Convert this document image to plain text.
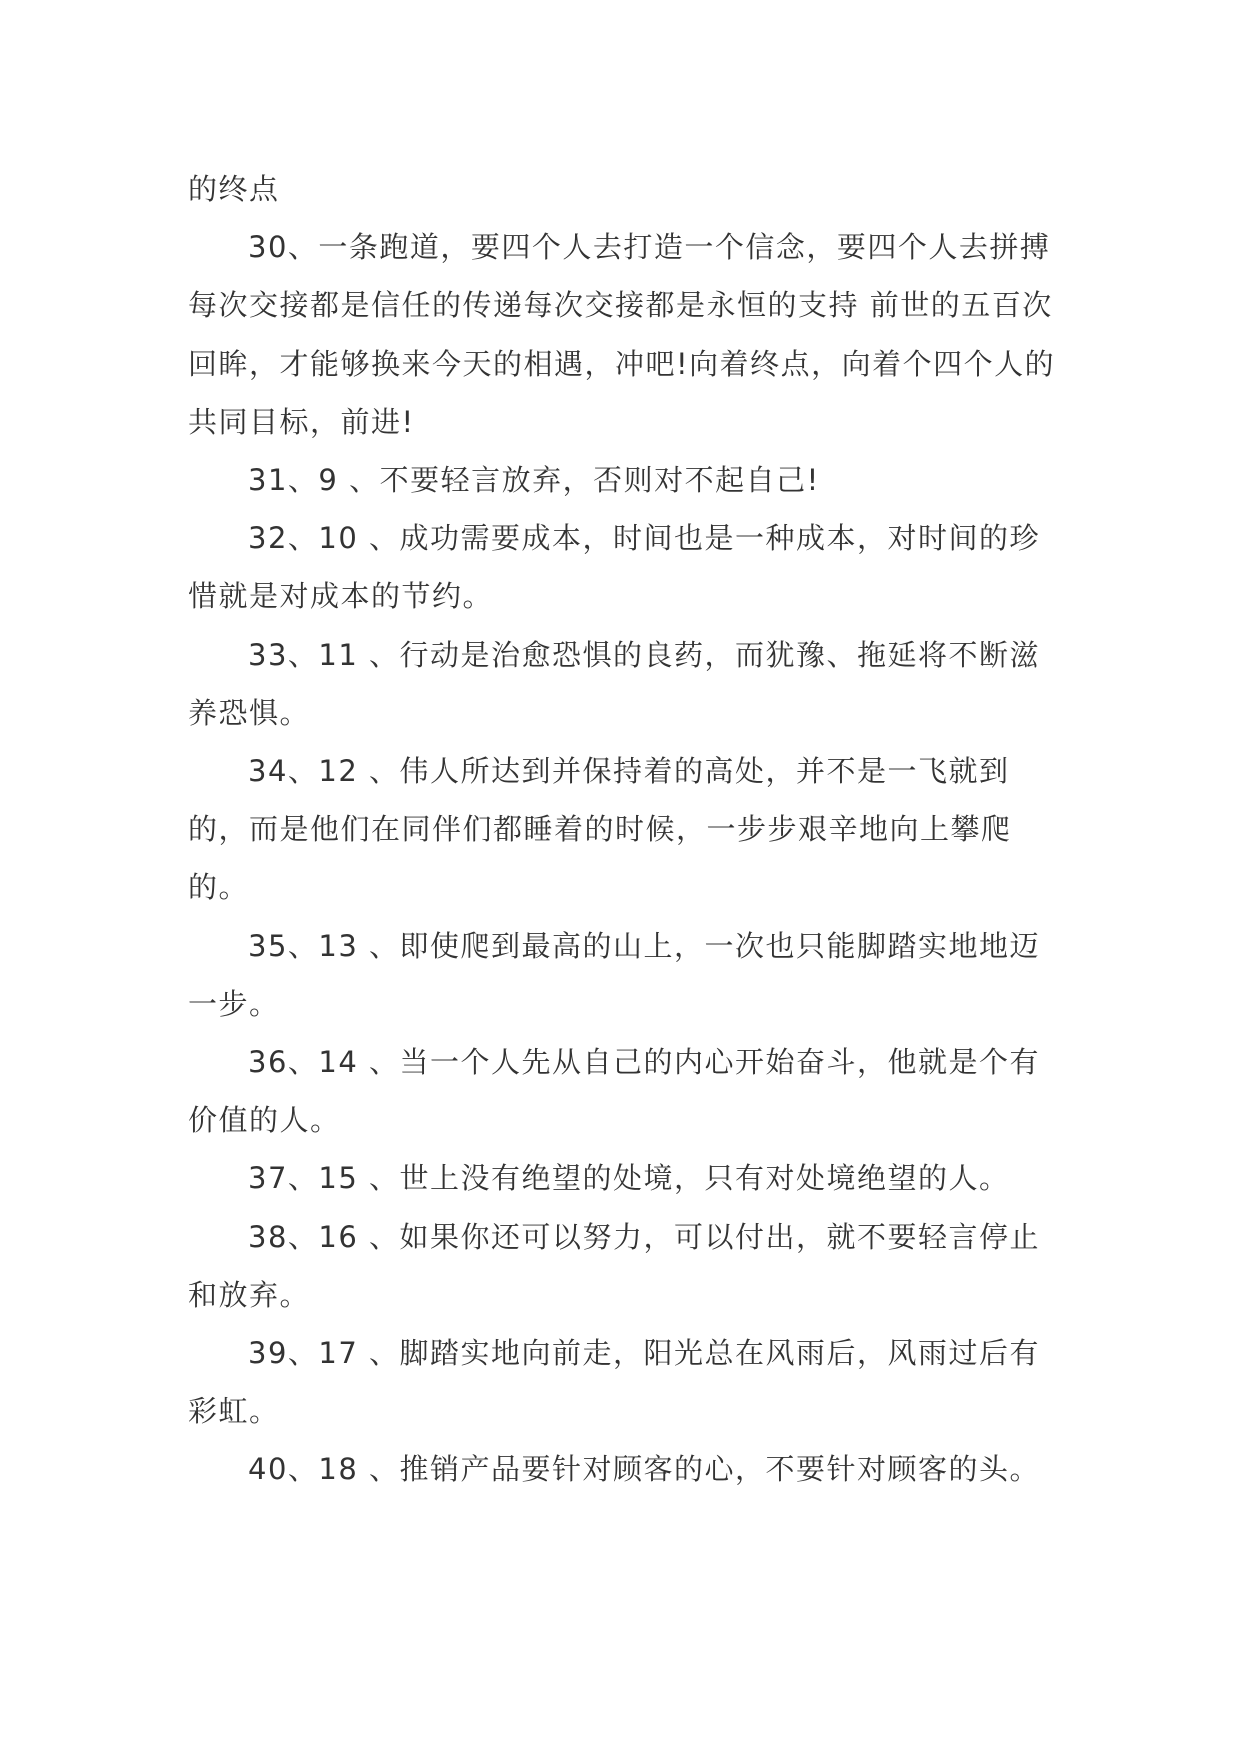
的终点

30、一条跑道，要四个人去打造一个信念，要四个人去拼搏每次交接都是信任的传递每次交接都是永恒的支持 前世的五百次回眸，才能够换来今天的相遇，冲吧!向着终点，向着个四个人的共同目标，前进!

31、9 、不要轻言放弃，否则对不起自己!

32、10 、成功需要成本，时间也是一种成本，对时间的珍惜就是对成本的节约。

33、11 、行动是治愈恐惧的良药，而犹豫、拖延将不断滋养恐惧。

34、12 、伟人所达到并保持着的高处，并不是一飞就到的，而是他们在同伴们都睡着的时候，一步步艰辛地向上攀爬的。

35、13 、即使爬到最高的山上，一次也只能脚踏实地地迈一步。

36、14 、当一个人先从自己的内心开始奋斗，他就是个有价值的人。

37、15 、世上没有绝望的处境，只有对处境绝望的人。

38、16 、如果你还可以努力，可以付出，就不要轻言停止和放弃。

39、17 、脚踏实地向前走，阳光总在风雨后，风雨过后有彩虹。

40、18 、推销产品要针对顾客的心，不要针对顾客的头。
